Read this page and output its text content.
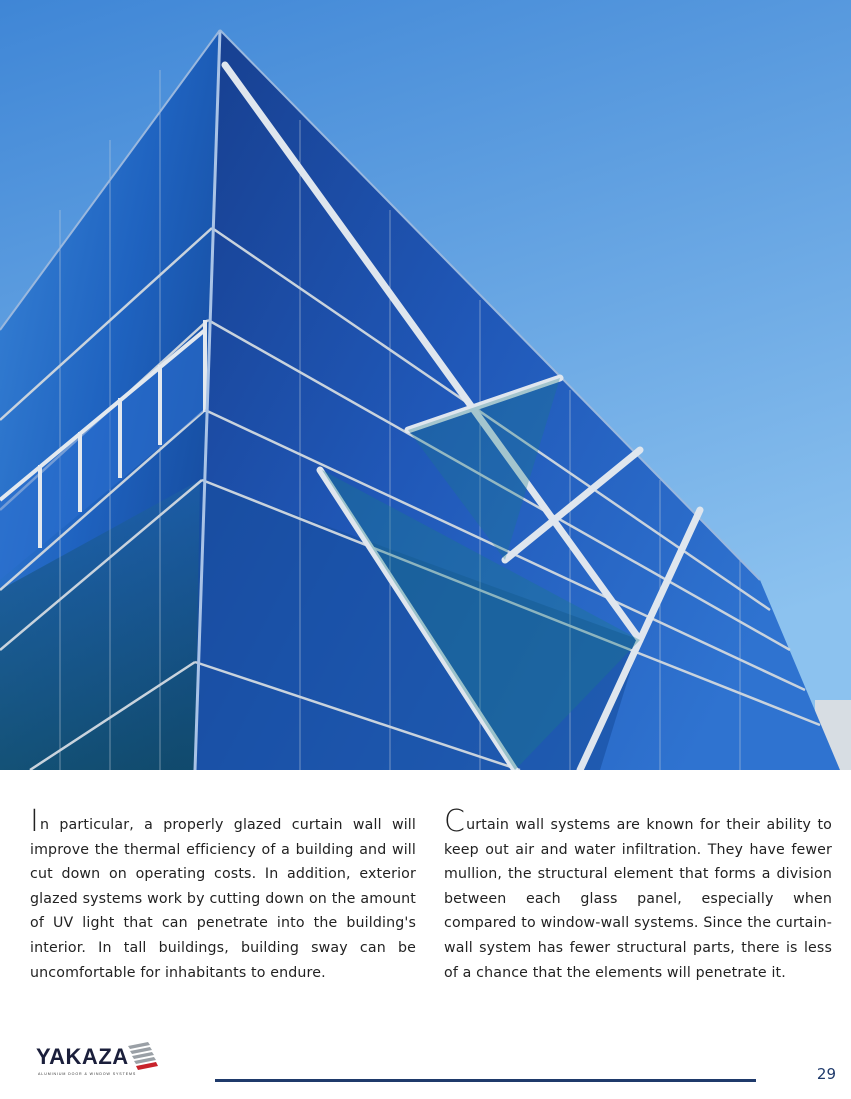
In particular, a properly glazed curtain wall will improve the thermal efficiency of a building and will cut down on operating costs. In addition, exterior glazed systems work by cutting down on the amount of UV light that can penetrate into the building's interior. In tall buildings, building sway can be uncomfortable for inhabitants to endure.
Curtain wall systems are known for their ability to keep out air and water infiltration. They have fewer mullion, the structural element that forms a division between each glass panel, especially when compared to window-wall systems. Since the curtain-wall system has fewer structural parts, there is less of a chance that the elements will penetrate it.
YAKAZA
ALUMINIUM DOOR & WINDOW SYSTEMS	29
